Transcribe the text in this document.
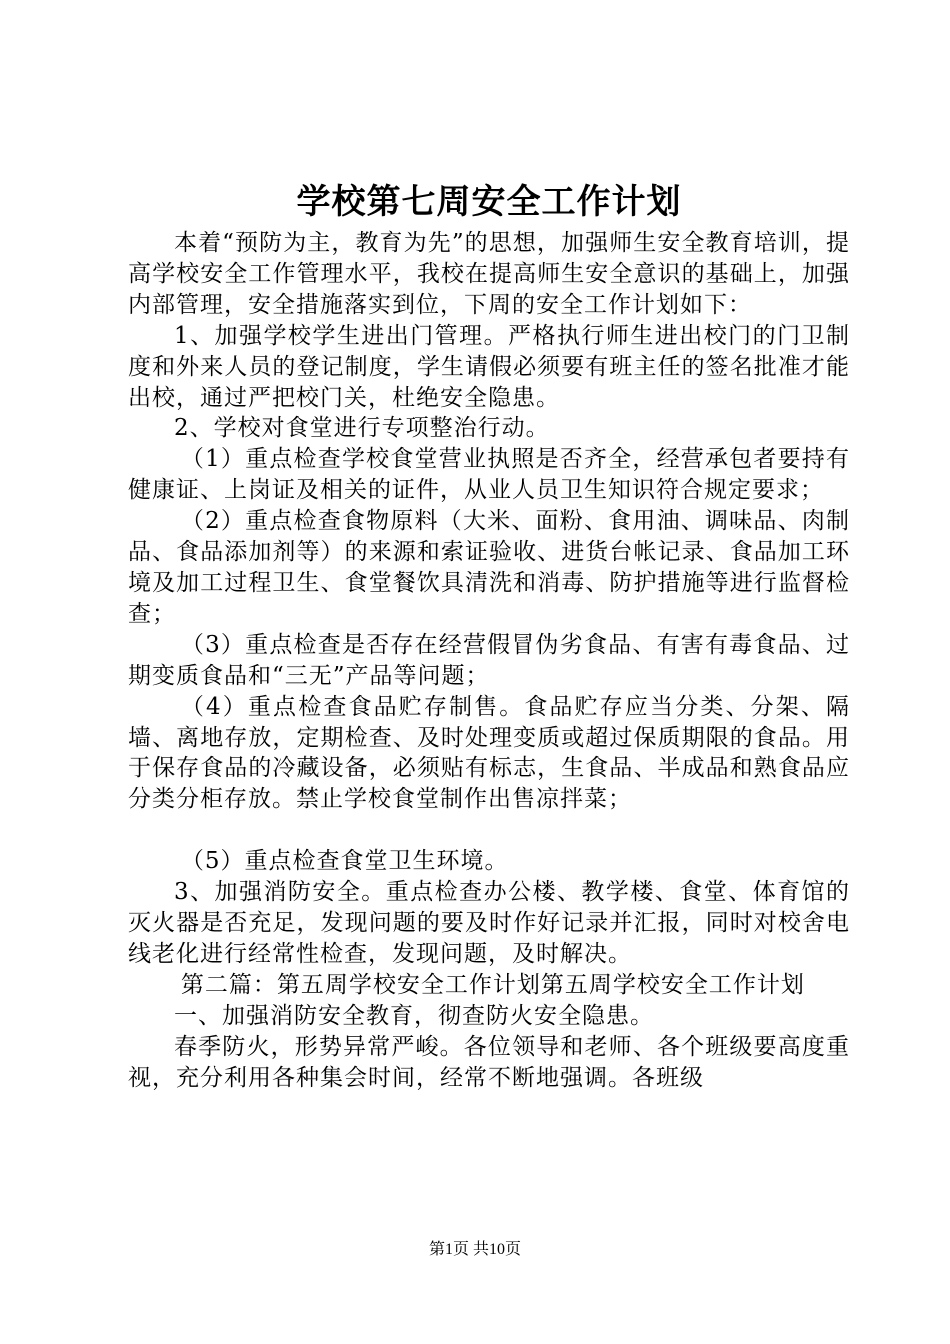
学校第七周安全工作计划

本着“预防为主，教育为先”的思想，加强师生安全教育培训，提高学校安全工作管理水平，我校在提高师生安全意识的基础上，加强内部管理，安全措施落实到位，下周的安全工作计划如下：

1、加强学校学生进出门管理。严格执行师生进出校门的门卫制度和外来人员的登记制度，学生请假必须要有班主任的签名批准才能出校，通过严把校门关，杜绝安全隐患。

2、学校对食堂进行专项整治行动。

（1）重点检查学校食堂营业执照是否齐全，经营承包者要持有健康证、上岗证及相关的证件，从业人员卫生知识符合规定要求；

（2）重点检查食物原料（大米、面粉、食用油、调味品、肉制品、食品添加剂等）的来源和索证验收、进货台帐记录、食品加工环境及加工过程卫生、食堂餐饮具清洗和消毒、防护措施等进行监督检查；

（3）重点检查是否存在经营假冒伪劣食品、有害有毒食品、过期变质食品和“三无”产品等问题；

（4）重点检查食品贮存制售。食品贮存应当分类、分架、隔墙、离地存放，定期检查、及时处理变质或超过保质期限的食品。用于保存食品的冷藏设备，必须贴有标志，生食品、半成品和熟食品应分类分柜存放。禁止学校食堂制作出售凉拌菜；

（5）重点检查食堂卫生环境。

3、加强消防安全。重点检查办公楼、教学楼、食堂、体育馆的灭火器是否充足，发现问题的要及时作好记录并汇报，同时对校舍电线老化进行经常性检查，发现问题，及时解决。

第二篇：第五周学校安全工作计划第五周学校安全工作计划

一、加强消防安全教育，彻查防火安全隐患。

春季防火，形势异常严峻。各位领导和老师、各个班级要高度重视，充分利用各种集会时间，经常不断地强调。各班级

第1页 共10页
